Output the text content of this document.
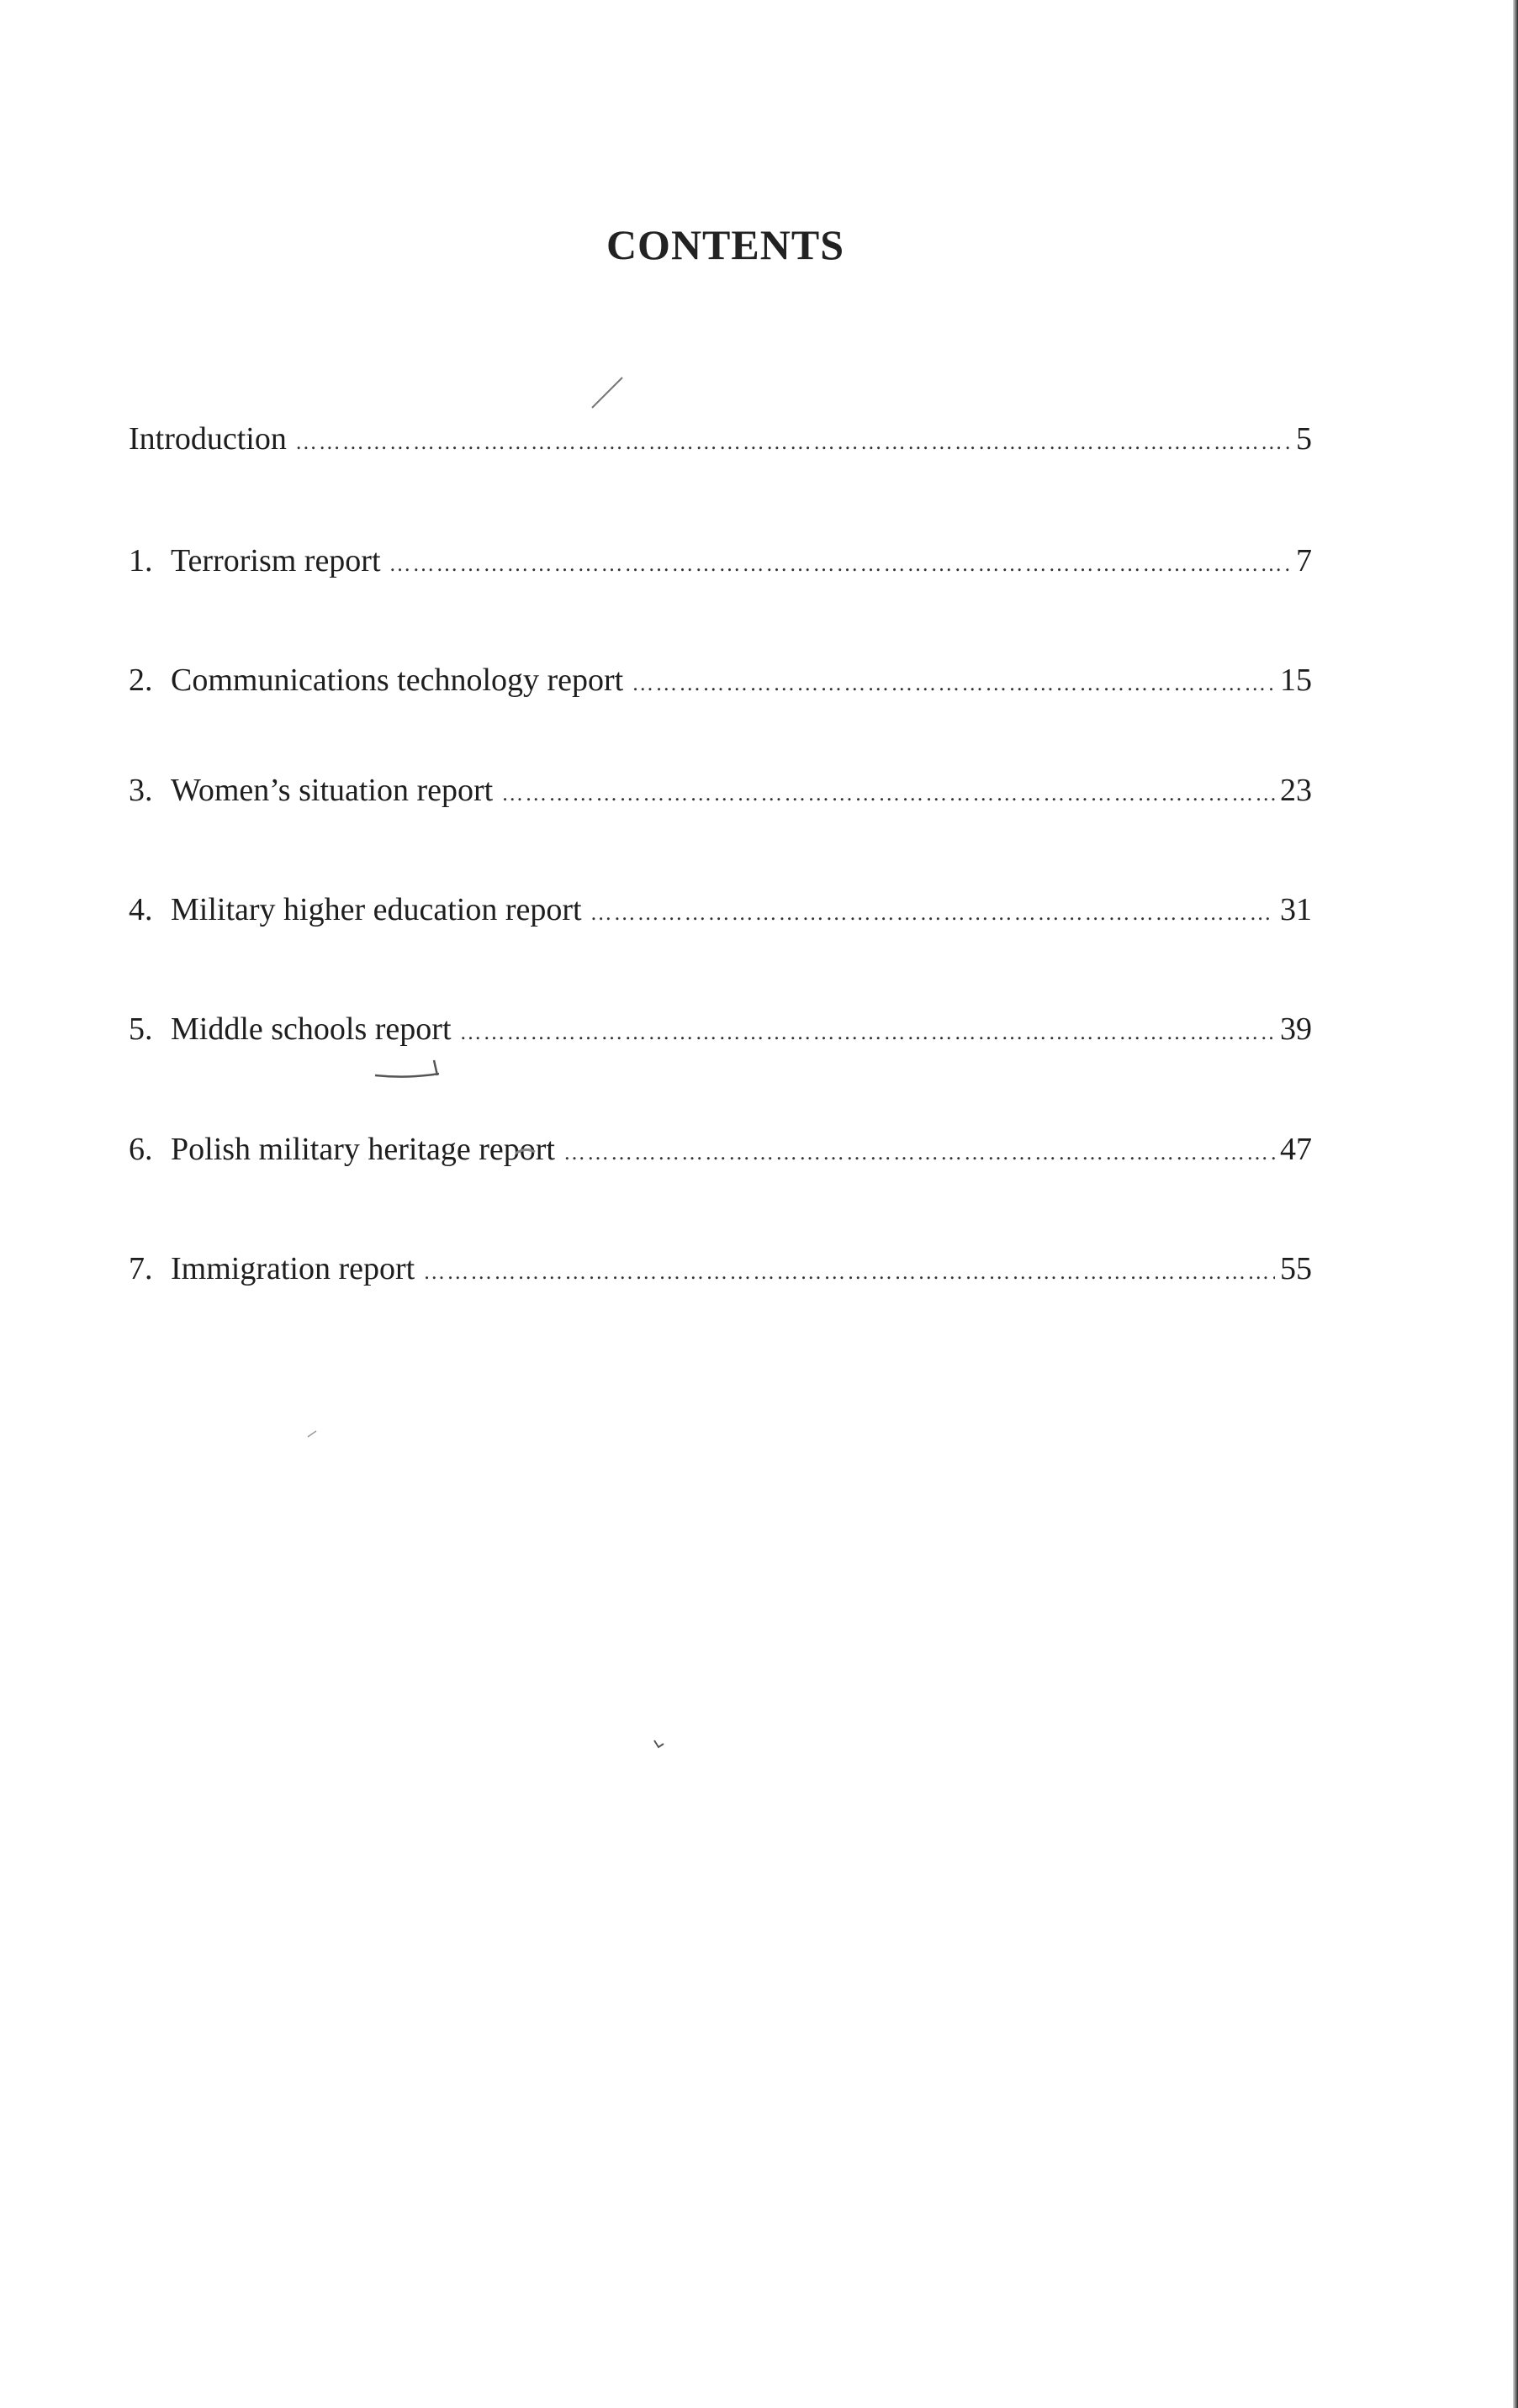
CONTENTS
Introduction ……………………………………………………………………………………………………………………………………………………………………………………………………………………	5
1. Terrorism report ……………………………………………………………………………………………………………………………………………………………………………………………………………………	7
2. Communications technology report ……………………………………………………………………………………………………………………………………………………………………………………………………………………	15
3. Women’s situation report ……………………………………………………………………………………………………………………………………………………………………………………………………………………	23
4. Military higher education report ……………………………………………………………………………………………………………………………………………………………………………………………………………………	31
5. Middle schools report ……………………………………………………………………………………………………………………………………………………………………………………………………………………	39
6. Polish military heritage report ……………………………………………………………………………………………………………………………………………………………………………………………………………………	47
7. Immigration report ……………………………………………………………………………………………………………………………………………………………………………………………………………………	55
